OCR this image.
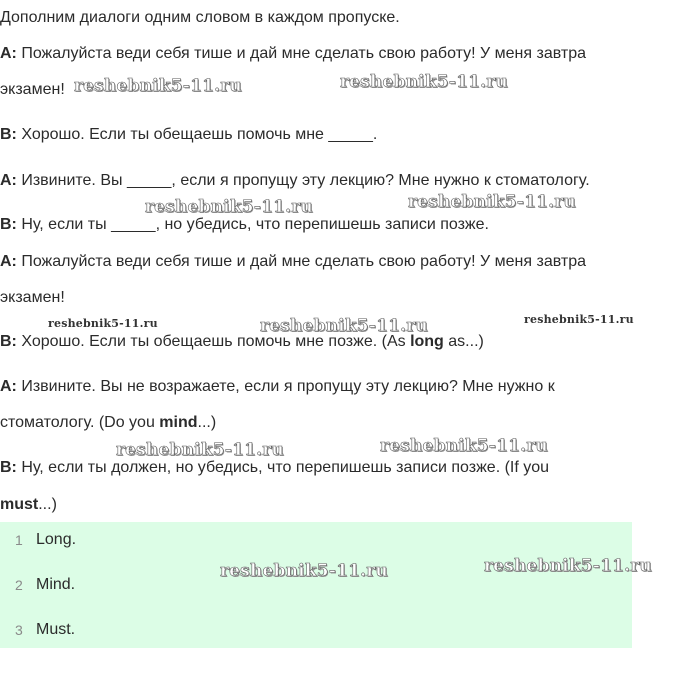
Дополним диалоги одним словом в каждом пропуске.
A: Пожалуйста веди себя тише и дай мне сделать свою работу! У меня завтра
экзамен!
B: Хорошо. Если ты обещаешь помочь мне _____.
A: Извините. Вы _____, если я пропущу эту лекцию? Мне нужно к стоматологу.
B: Ну, если ты _____, но убедись, что перепишешь записи позже.
A: Пожалуйста веди себя тише и дай мне сделать свою работу! У меня завтра
экзамен!
B: Хорошо. Если ты обещаешь помочь мне позже. (As long as...)
A: Извините. Вы не возражаете, если я пропущу эту лекцию? Мне нужно к
стоматологу. (Do you mind...)
B: Ну, если ты должен, но убедись, что перепишешь записи позже. (If you
must...)
1 Long.
2 Mind.
3 Must.
reshebnik5-11.ru	reshebnik5-11.ru
reshebnik5-11.ru	reshebnik5-11.ru
reshebnik5-11.ru	reshebnik5-11.ru	reshebnik5-11.ru
reshebnik5-11.ru	reshebnik5-11.ru
reshebnik5-11.ru	reshebnik5-11.ru
